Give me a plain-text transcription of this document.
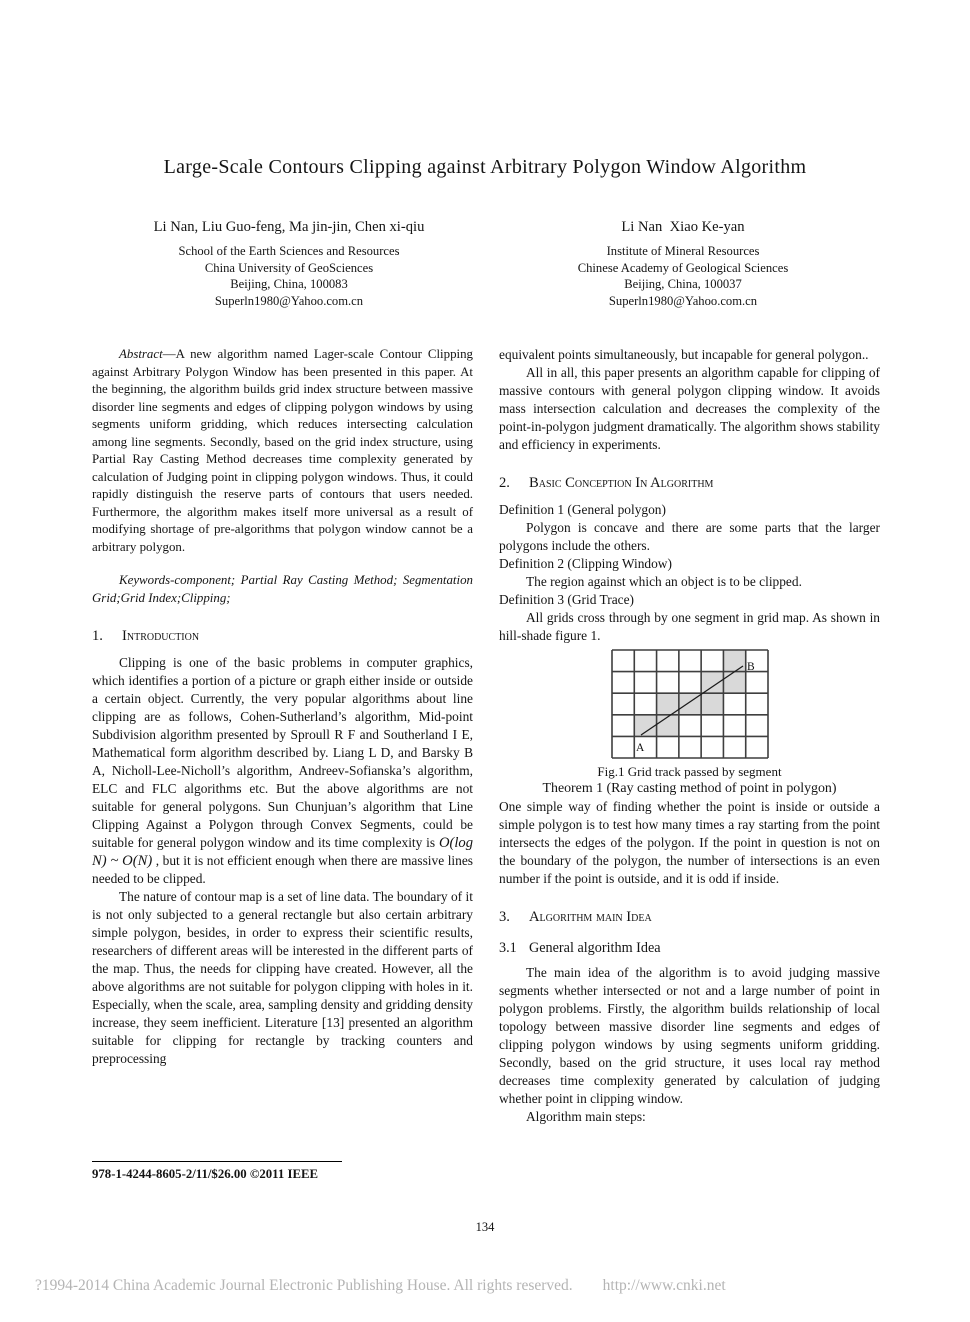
Large-Scale Contours Clipping against Arbitrary Polygon Window Algorithm
Li Nan, Liu Guo-feng, Ma jin-jin, Chen xi-qiu
School of the Earth Sciences and Resources
China University of GeoSciences
Beijing, China, 100083
Superln1980@Yahoo.com.cn
Li Nan  Xiao Ke-yan
Institute of Mineral Resources
Chinese Academy of Geological Sciences
Beijing, China, 100037
Superln1980@Yahoo.com.cn

Abstract—A new algorithm named Lager-scale Contour Clipping against Arbitrary Polygon Window has been presented in this paper. At the beginning, the algorithm builds grid index structure between massive disorder line segments and edges of clipping polygon windows by using segments uniform gridding, which reduces intersecting calculation among line segments. Secondly, based on the grid index structure, using Partial Ray Casting Method decreases time complexity generated by calculation of Judging point in clipping polygon windows. Thus, it could rapidly distinguish the reserve parts of contours that users needed. Furthermore, the algorithm makes itself more universal as a result of modifying shortage of pre-algorithms that polygon window cannot be a arbitrary polygon.

Keywords-component; Partial Ray Casting Method; Segmentation Grid;Grid Index;Clipping;

1. Introduction

Clipping is one of the basic problems in computer graphics, which identifies a portion of a picture or graph either inside or outside a certain object. Currently, the very popular algorithms about line clipping are as follows, Cohen-Sutherland’s algorithm, Mid-point Subdivision algorithm presented by Sproull R F and Southerland I E, Mathematical form algorithm described by. Liang L D, and Barsky B A, Nicholl-Lee-Nicholl’s algorithm, Andreev-Sofianska’s algorithm, ELC and FLC algorithms etc. But the above algorithms are not suitable for general polygons. Sun Chunjuan’s algorithm that Line Clipping Against a Polygon through Convex Segments, could be suitable for general polygon window and its time complexity is O(log N) ~ O(N) , but it is not efficient enough when there are massive lines needed to be clipped.

The nature of contour map is a set of line data. The boundary of it is not only subjected to a general rectangle but also certain arbitrary simple polygon, besides, in order to express their scientific results, researchers of different areas will be interested in the different parts of the map. Thus, the needs for clipping have created. However, all the above algorithms are not suitable for polygon clipping with holes in it. Especially, when the scale, area, sampling density and gridding density increase, they seem inefficient. Literature [13] presented an algorithm suitable for clipping for rectangle by tracking counters and preprocessing

equivalent points simultaneously, but incapable for general polygon..

All in all, this paper presents an algorithm capable for clipping of massive contours with general polygon clipping window. It avoids mass intersection calculation and decreases the complexity of the point-in-polygon judgment dramatically. The algorithm shows stability and efficiency in experiments.

2. Basic Conception In Algorithm

Definition 1 (General polygon)

Polygon is concave and there are some parts that the larger polygons include the others.

Definition 2 (Clipping Window)

The region against which an object is to be clipped.

Definition 3 (Grid Trace)

All grids cross through by one segment in grid map. As shown in hill-shade figure 1.

A
B
Fig.1 Grid track passed by segment

Theorem 1 (Ray casting method of point in polygon)

One simple way of finding whether the point is inside or outside a simple polygon is to test how many times a ray starting from the point intersects the edges of the polygon. If the point in question is not on the boundary of the polygon, the number of intersections is an even number if the point is outside, and it is odd if inside.

3. Algorithm main Idea
3.1 General algorithm Idea

The main idea of the algorithm is to avoid judging massive segments whether intersected or not and a large number of point in polygon problems. Firstly, the algorithm builds relationship of local topology between massive disorder line segments and edges of clipping polygon windows by using segments uniform gridding. Secondly, based on the grid structure, it uses local ray method decreases time complexity generated by calculation of judging whether point in clipping window.

Algorithm main steps:

978-1-4244-8605-2/11/$26.00 ©2011 IEEE
134
?1994-2014 China Academic Journal Electronic Publishing House. All rights reserved. http://www.cnki.net
